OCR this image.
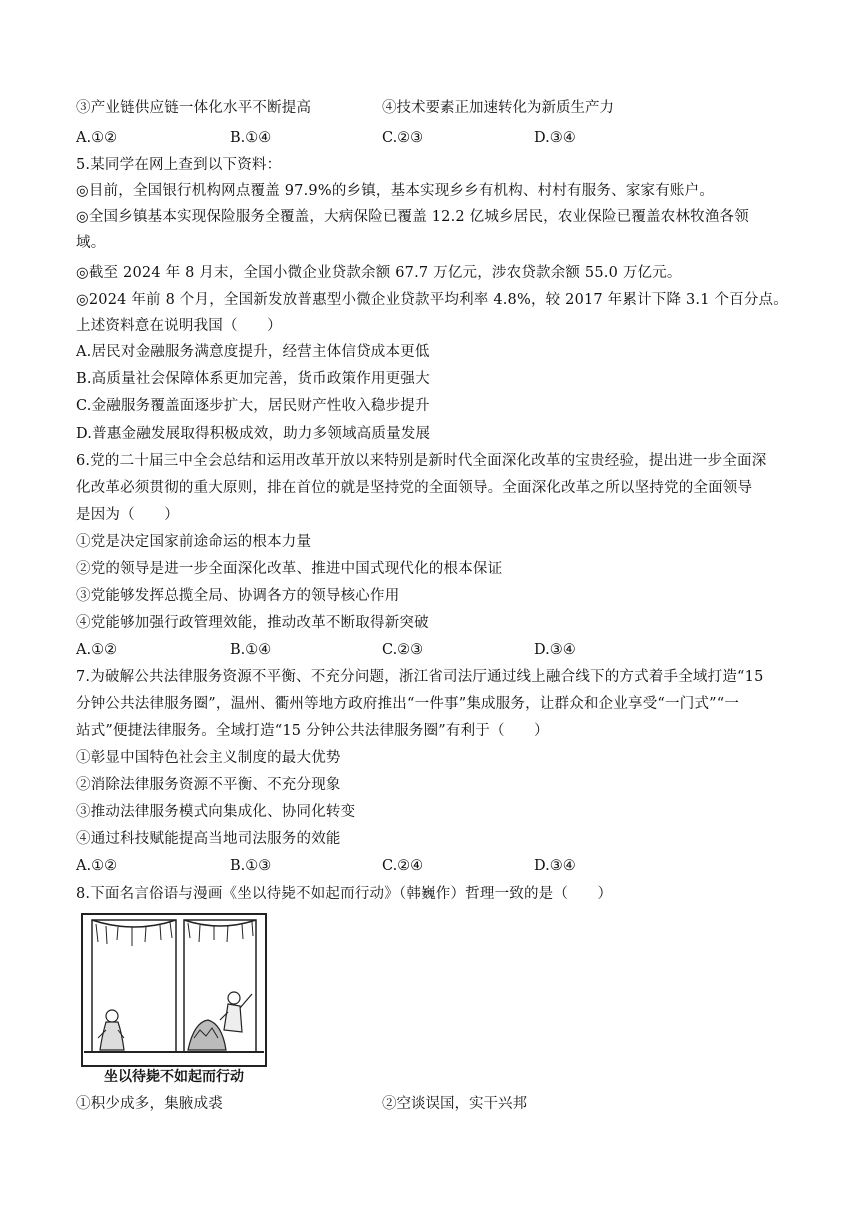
③产业链供应链一体化水平不断提高	④技术要素正加速转化为新质生产力
A.①②	B.①④	C.②③	D.③④
5.某同学在网上查到以下资料：
◎目前，全国银行机构网点覆盖 97.9%的乡镇，基本实现乡乡有机构、村村有服务、家家有账户。
◎全国乡镇基本实现保险服务全覆盖，大病保险已覆盖 12.2 亿城乡居民，农业保险已覆盖农林牧渔各领
域。
◎截至 2024 年 8 月末，全国小微企业贷款余额 67.7 万亿元，涉农贷款余额 55.0 万亿元。
◎2024 年前 8 个月，全国新发放普惠型小微企业贷款平均利率 4.8%，较 2017 年累计下降 3.1 个百分点。
上述资料意在说明我国（　　）
A.居民对金融服务满意度提升，经营主体信贷成本更低
B.高质量社会保障体系更加完善，货币政策作用更强大
C.金融服务覆盖面逐步扩大，居民财产性收入稳步提升
D.普惠金融发展取得积极成效，助力多领域高质量发展
6.党的二十届三中全会总结和运用改革开放以来特别是新时代全面深化改革的宝贵经验，提出进一步全面深
化改革必须贯彻的重大原则，排在首位的就是坚持党的全面领导。全面深化改革之所以坚持党的全面领导
是因为（　　）
①党是决定国家前途命运的根本力量
②党的领导是进一步全面深化改革、推进中国式现代化的根本保证
③党能够发挥总揽全局、协调各方的领导核心作用
④党能够加强行政管理效能，推动改革不断取得新突破
A.①②	B.①④	C.②③	D.③④
7.为破解公共法律服务资源不平衡、不充分问题，浙江省司法厅通过线上融合线下的方式着手全域打造“15
分钟公共法律服务圈”，温州、衢州等地方政府推出“一件事”集成服务，让群众和企业享受“一门式”“一
站式”便捷法律服务。全域打造“15 分钟公共法律服务圈”有利于（　　）
①彰显中国特色社会主义制度的最大优势
②消除法律服务资源不平衡、不充分现象
③推动法律服务模式向集成化、协同化转变
④通过科技赋能提高当地司法服务的效能
A.①②	B.①③	C.②④	D.③④
8.下面名言俗语与漫画《坐以待毙不如起而行动》（韩巍作）哲理一致的是（　　）
坐以待毙不如起而行动
①积少成多，集腋成裘	②空谈误国，实干兴邦
